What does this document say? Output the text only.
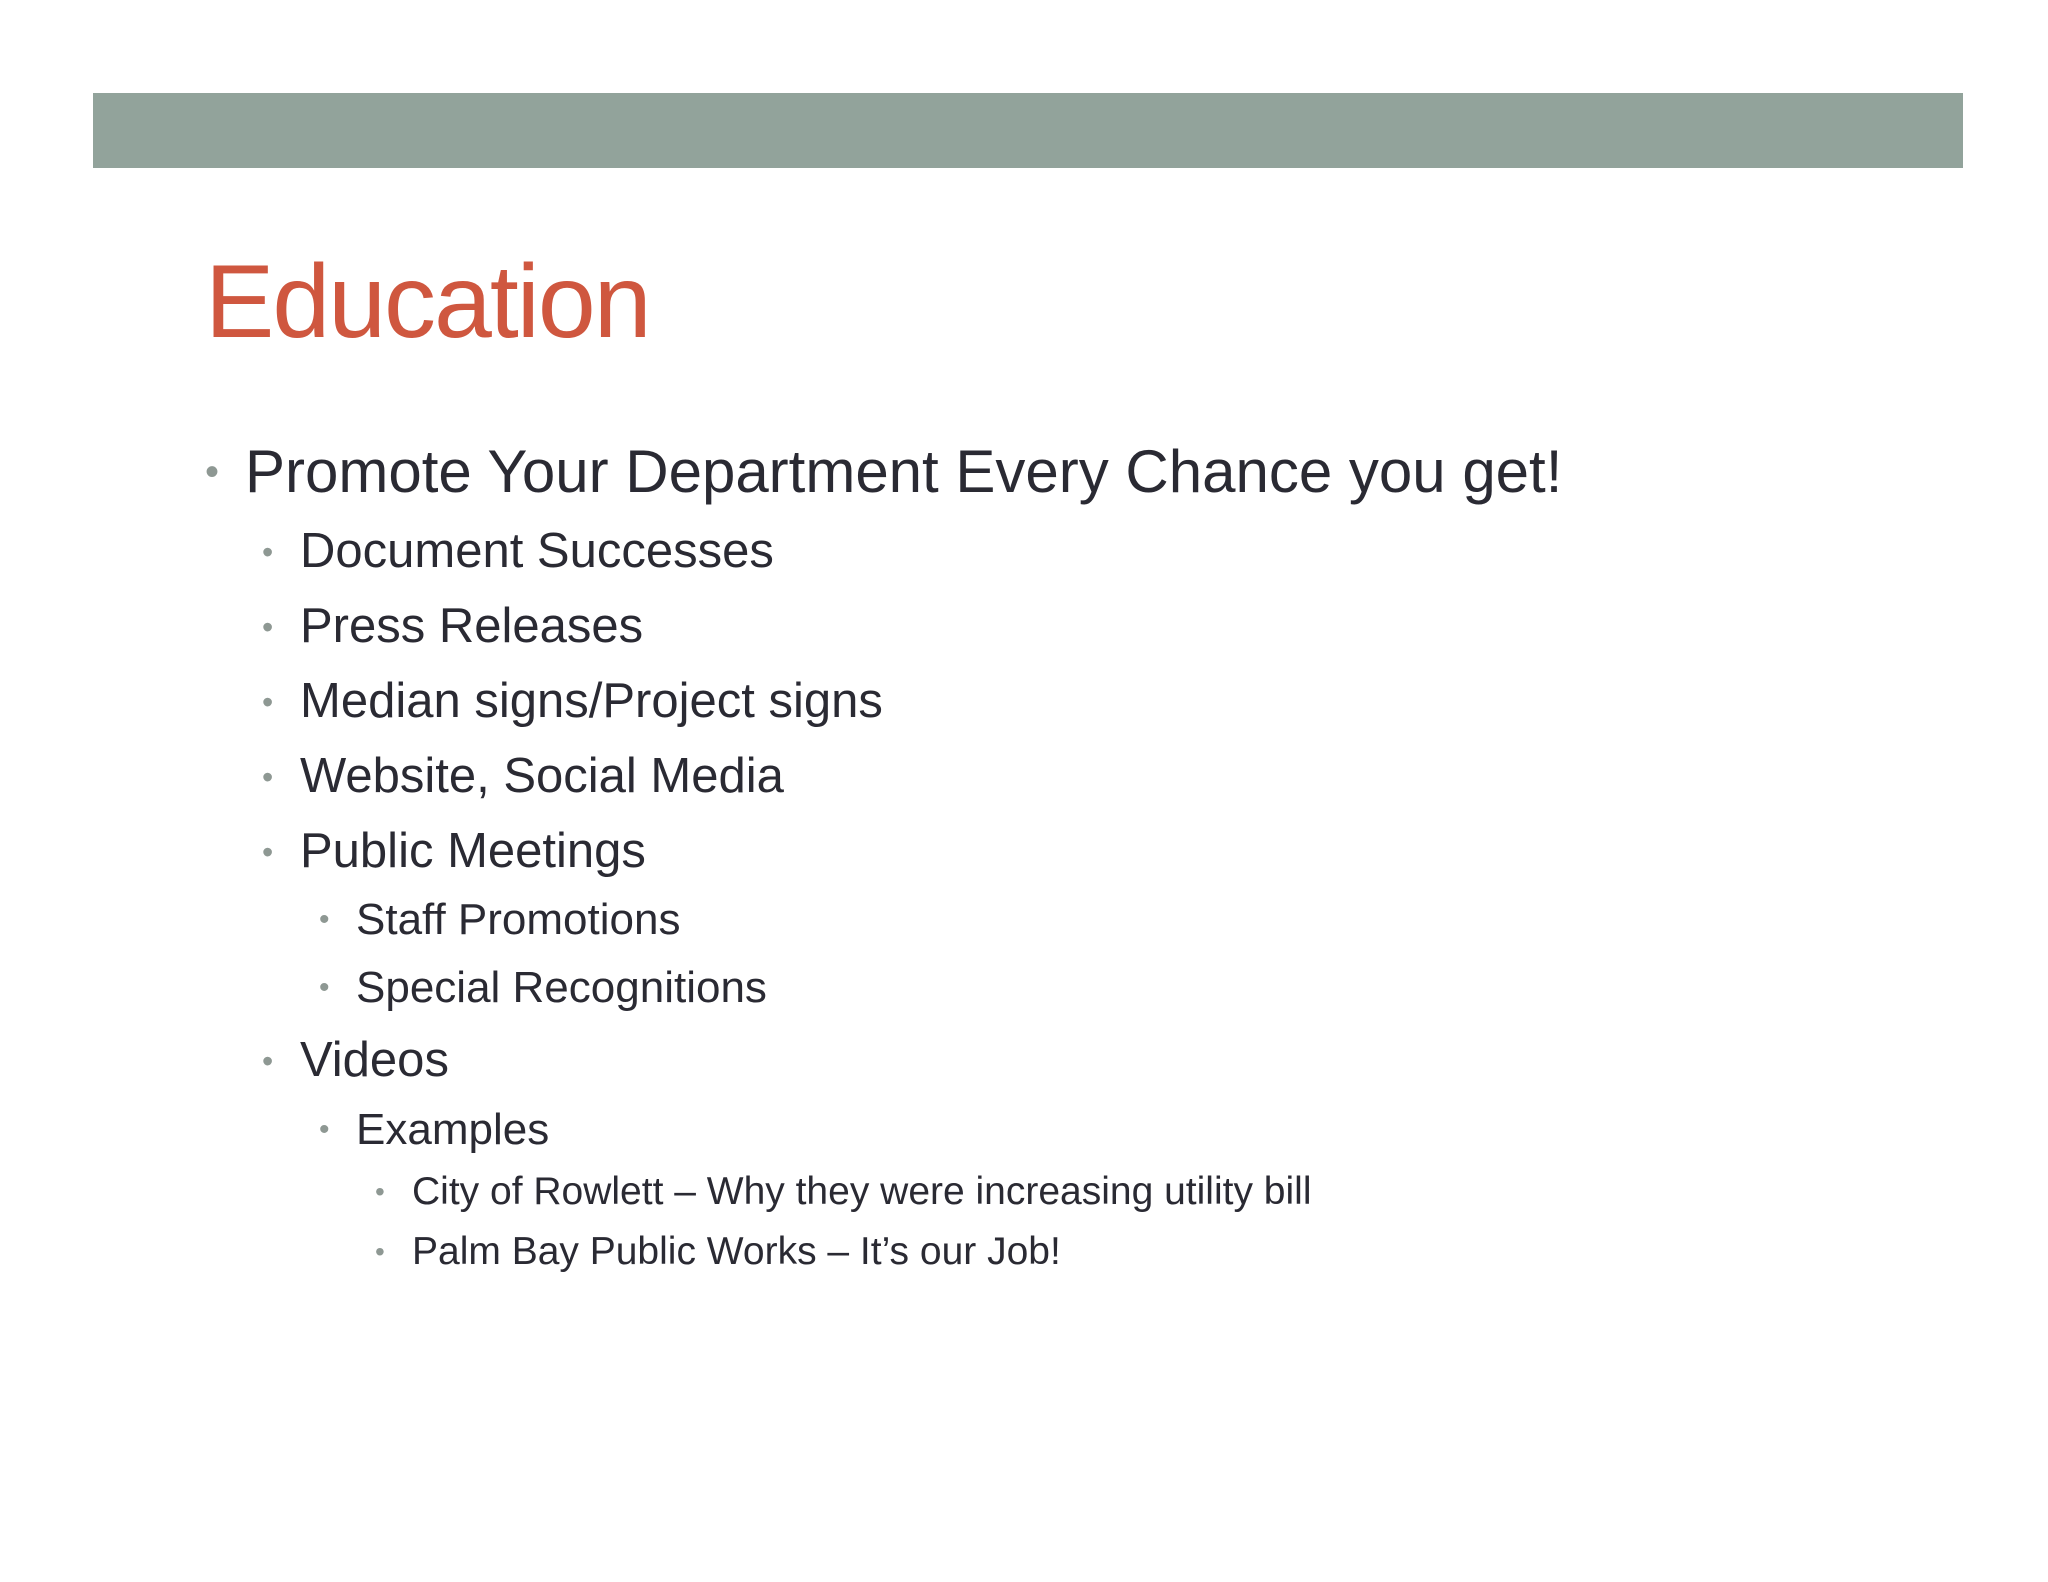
Education
• Promote Your Department Every Chance you get!
• Document Successes
• Press Releases
• Median signs/Project signs
• Website, Social Media
• Public Meetings
• Staff Promotions
• Special Recognitions
• Videos
• Examples
• City of Rowlett – Why they were increasing utility bill
• Palm Bay Public Works – It’s our Job!
